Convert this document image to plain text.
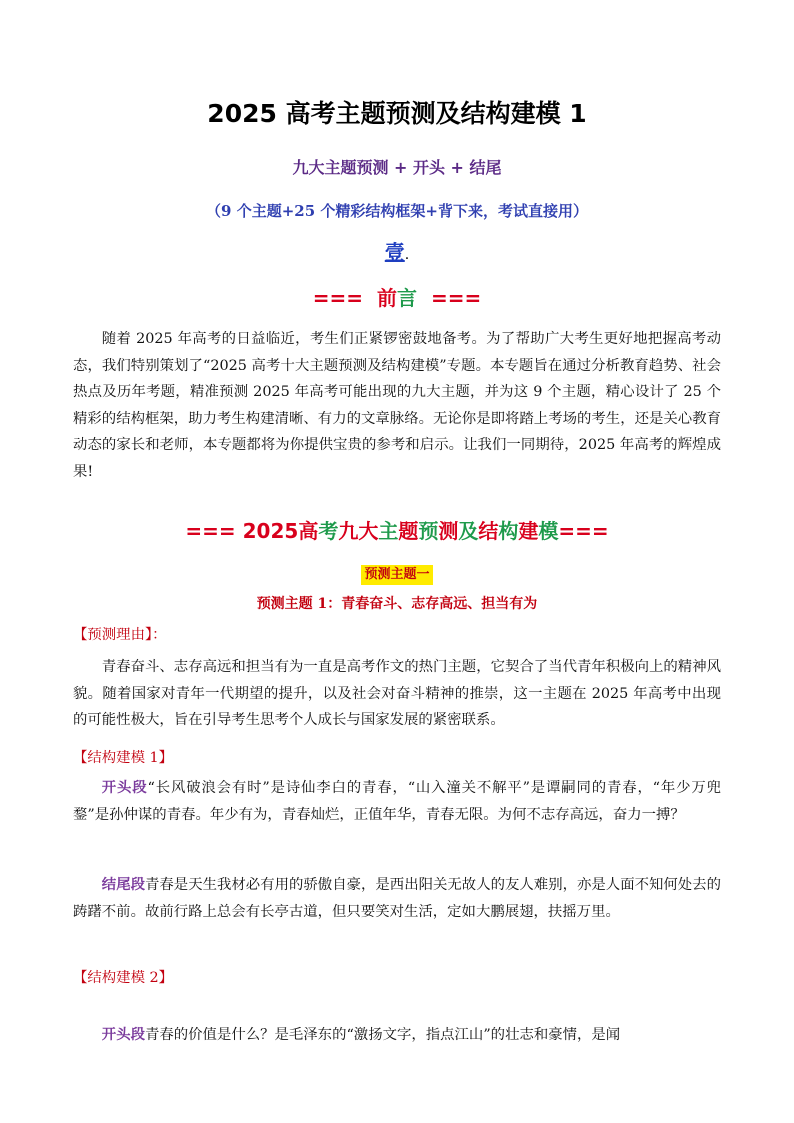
2025 高考主题预测及结构建模 1
九大主题预测 + 开头 + 结尾
（9 个主题+25 个精彩结构框架+背下来，考试直接用）
壹.
=== 前言 ===

随着 2025 年高考的日益临近，考生们正紧锣密鼓地备考。为了帮助广大考生更好地把握高考动态，我们特别策划了“2025 高考十大主题预测及结构建模”专题。本专题旨在通过分析教育趋势、社会热点及历年考题，精准预测 2025 年高考可能出现的九大主题，并为这 9 个主题，精心设计了 25 个精彩的结构框架，助力考生构建清晰、有力的文章脉络。无论你是即将踏上考场的考生，还是关心教育动态的家长和老师，本专题都将为你提供宝贵的参考和启示。让我们一同期待，2025 年高考的辉煌成果!

=== 2025高考九大主题预测及结构建模===
预测主题一
预测主题 1：青春奋斗、志存高远、担当有为
【预测理由】：

青春奋斗、志存高远和担当有为一直是高考作文的热门主题，它契合了当代青年积极向上的精神风貌。随着国家对青年一代期望的提升，以及社会对奋斗精神的推崇，这一主题在 2025 年高考中出现的可能性极大，旨在引导考生思考个人成长与国家发展的紧密联系。

【结构建模 1】

开头段“长风破浪会有时”是诗仙李白的青春，“山入潼关不解平”是谭嗣同的青春，“年少万兜鍪”是孙仲谋的青春。年少有为，青春灿烂，正值年华，青春无限。为何不志存高远，奋力一搏？

结尾段青春是天生我材必有用的骄傲自豪，是西出阳关无故人的友人难别，亦是人面不知何处去的踌躇不前。故前行路上总会有长亭古道，但只要笑对生活，定如大鹏展翅，扶摇万里。

【结构建模 2】

开头段青春的价值是什么？是毛泽东的“激扬文字，指点江山”的壮志和豪情，是闻
